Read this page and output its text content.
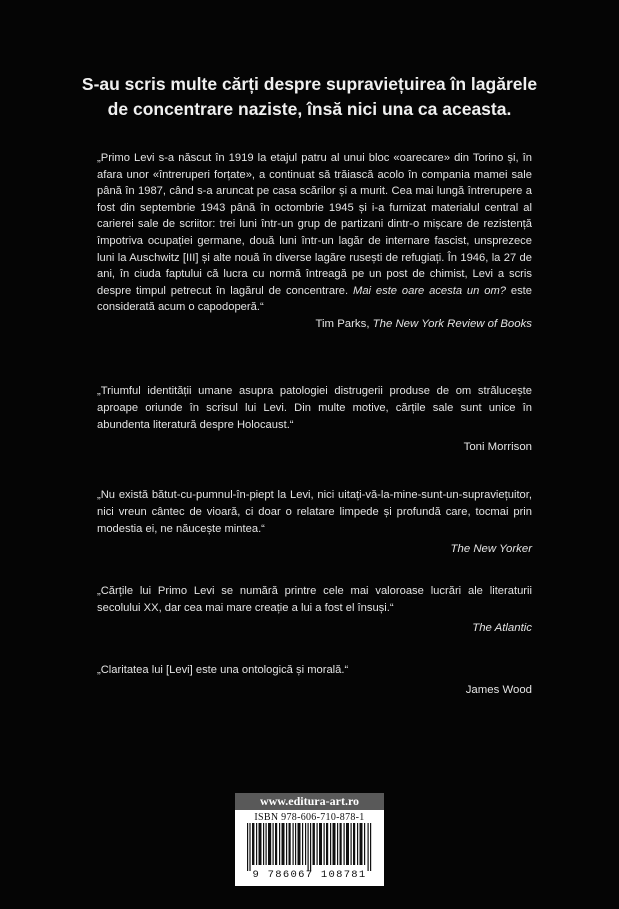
S-au scris multe cărți despre supraviețuirea în lagărele
de concentrare naziste, însă nici una ca aceasta.
„Primo Levi s-a născut în 1919 la etajul patru al unui bloc «oarecare» din Torino și, în afara unor «întreruperi forțate», a continuat să trăiască acolo în compania mamei sale până în 1987, când s-a aruncat pe casa scărilor și a murit. Cea mai lungă întrerupere a fost din septembrie 1943 până în octombrie 1945 și i-a furnizat materialul central al carierei sale de scriitor: trei luni într-un grup de partizani dintr-o mișcare de rezistență împotriva ocupației germane, două luni într-un lagăr de internare fascist, unsprezece luni la Auschwitz [III] și alte nouă în diverse lagăre rusești de refugiați. În 1946, la 27 de ani, în ciuda faptului că lucra cu normă întreagă pe un post de chimist, Levi a scris despre timpul petrecut în lagărul de concentrare. Mai este oare acesta un om? este considerată acum o capodoperă.“
Tim Parks, The New York Review of Books
„Triumful identității umane asupra patologiei distrugerii produse de om strălucește aproape oriunde în scrisul lui Levi. Din multe motive, cărțile sale sunt unice în abundenta literatură despre Holocaust.“
Toni Morrison
„Nu există bătut-cu-pumnul-în-piept la Levi, nici uitați-vă-la-mine-sunt-un-supraviețuitor, nici vreun cântec de vioară, ci doar o relatare limpede și profundă care, tocmai prin modestia ei, ne năucește mintea.“
The New Yorker
„Cărțile lui Primo Levi se numără printre cele mai valoroase lucrări ale literaturii secolului XX, dar cea mai mare creație a lui a fost el însuși.“
The Atlantic
„Claritatea lui [Levi] este una ontologică și morală.“
James Wood
www.editura-art.ro
ISBN 978-606-710-878-1
9 786067 108781
